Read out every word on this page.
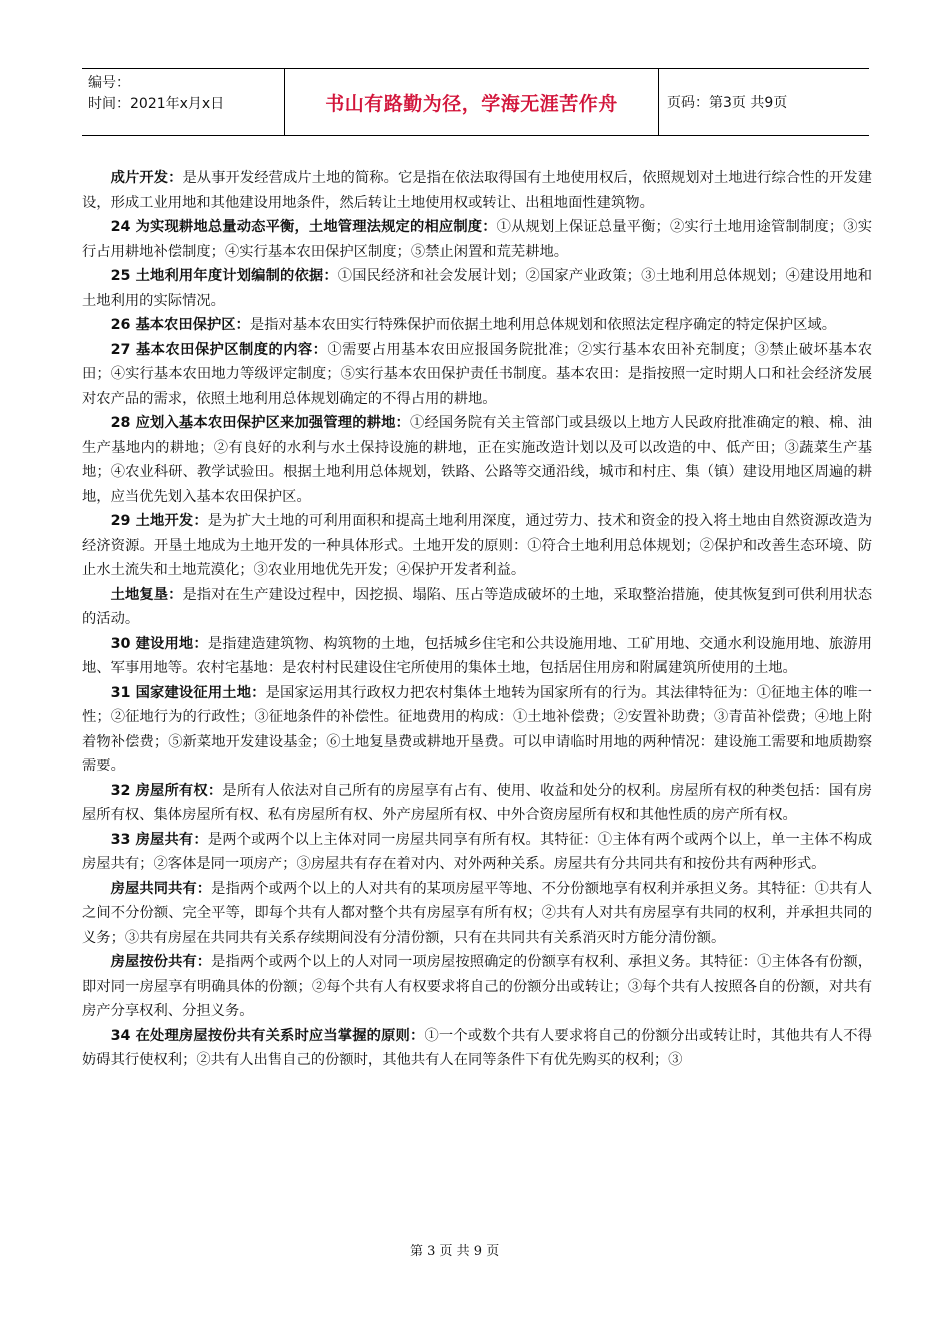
编号：
时间：2021年x月x日	书山有路勤为径，学海无涯苦作舟	页码：第3页 共9页

成片开发：是从事开发经营成片土地的简称。它是指在依法取得国有土地使用权后，依照规划对土地进行综合性的开发建设，形成工业用地和其他建设用地条件，然后转让土地使用权或转让、出租地面性建筑物。

24 为实现耕地总量动态平衡，土地管理法规定的相应制度：①从规划上保证总量平衡；②实行土地用途管制制度；③实行占用耕地补偿制度；④实行基本农田保护区制度；⑤禁止闲置和荒芜耕地。

25 土地利用年度计划编制的依据：①国民经济和社会发展计划；②国家产业政策；③土地利用总体规划；④建设用地和土地利用的实际情况。

26 基本农田保护区：是指对基本农田实行特殊保护而依据土地利用总体规划和依照法定程序确定的特定保护区域。

27 基本农田保护区制度的内容：①需要占用基本农田应报国务院批准；②实行基本农田补充制度；③禁止破坏基本农田；④实行基本农田地力等级评定制度；⑤实行基本农田保护责任书制度。基本农田：是指按照一定时期人口和社会经济发展对农产品的需求，依照土地利用总体规划确定的不得占用的耕地。

28 应划入基本农田保护区来加强管理的耕地：①经国务院有关主管部门或县级以上地方人民政府批准确定的粮、棉、油生产基地内的耕地；②有良好的水利与水土保持设施的耕地，正在实施改造计划以及可以改造的中、低产田；③蔬菜生产基地；④农业科研、教学试验田。根据土地利用总体规划，铁路、公路等交通沿线，城市和村庄、集（镇）建设用地区周遍的耕地，应当优先划入基本农田保护区。

29 土地开发：是为扩大土地的可利用面积和提高土地利用深度，通过劳力、技术和资金的投入将土地由自然资源改造为经济资源。开垦土地成为土地开发的一种具体形式。土地开发的原则：①符合土地利用总体规划；②保护和改善生态环境、防止水土流失和土地荒漠化；③农业用地优先开发；④保护开发者利益。

土地复垦：是指对在生产建设过程中，因挖损、塌陷、压占等造成破坏的土地，采取整治措施，使其恢复到可供利用状态的活动。

30 建设用地：是指建造建筑物、构筑物的土地，包括城乡住宅和公共设施用地、工矿用地、交通水利设施用地、旅游用地、军事用地等。农村宅基地：是农村村民建设住宅所使用的集体土地，包括居住用房和附属建筑所使用的土地。

31 国家建设征用土地：是国家运用其行政权力把农村集体土地转为国家所有的行为。其法律特征为：①征地主体的唯一性；②征地行为的行政性；③征地条件的补偿性。征地费用的构成：①土地补偿费；②安置补助费；③青苗补偿费；④地上附着物补偿费；⑤新菜地开发建设基金；⑥土地复垦费或耕地开垦费。可以申请临时用地的两种情况：建设施工需要和地质勘察需要。

32 房屋所有权：是所有人依法对自己所有的房屋享有占有、使用、收益和处分的权利。房屋所有权的种类包括：国有房屋所有权、集体房屋所有权、私有房屋所有权、外产房屋所有权、中外合资房屋所有权和其他性质的房产所有权。

33 房屋共有：是两个或两个以上主体对同一房屋共同享有所有权。其特征：①主体有两个或两个以上，单一主体不构成房屋共有；②客体是同一项房产；③房屋共有存在着对内、对外两种关系。房屋共有分共同共有和按份共有两种形式。

房屋共同共有：是指两个或两个以上的人对共有的某项房屋平等地、不分份额地享有权利并承担义务。其特征：①共有人之间不分份额、完全平等，即每个共有人都对整个共有房屋享有所有权；②共有人对共有房屋享有共同的权利，并承担共同的义务；③共有房屋在共同共有关系存续期间没有分清份额，只有在共同共有关系消灭时方能分清份额。

房屋按份共有：是指两个或两个以上的人对同一项房屋按照确定的份额享有权利、承担义务。其特征：①主体各有份额，即对同一房屋享有明确具体的份额；②每个共有人有权要求将自己的份额分出或转让；③每个共有人按照各自的份额，对共有房产分享权利、分担义务。

34 在处理房屋按份共有关系时应当掌握的原则：①一个或数个共有人要求将自己的份额分出或转让时，其他共有人不得妨碍其行使权利；②共有人出售自己的份额时，其他共有人在同等条件下有优先购买的权利；③

第 3 页 共 9 页
